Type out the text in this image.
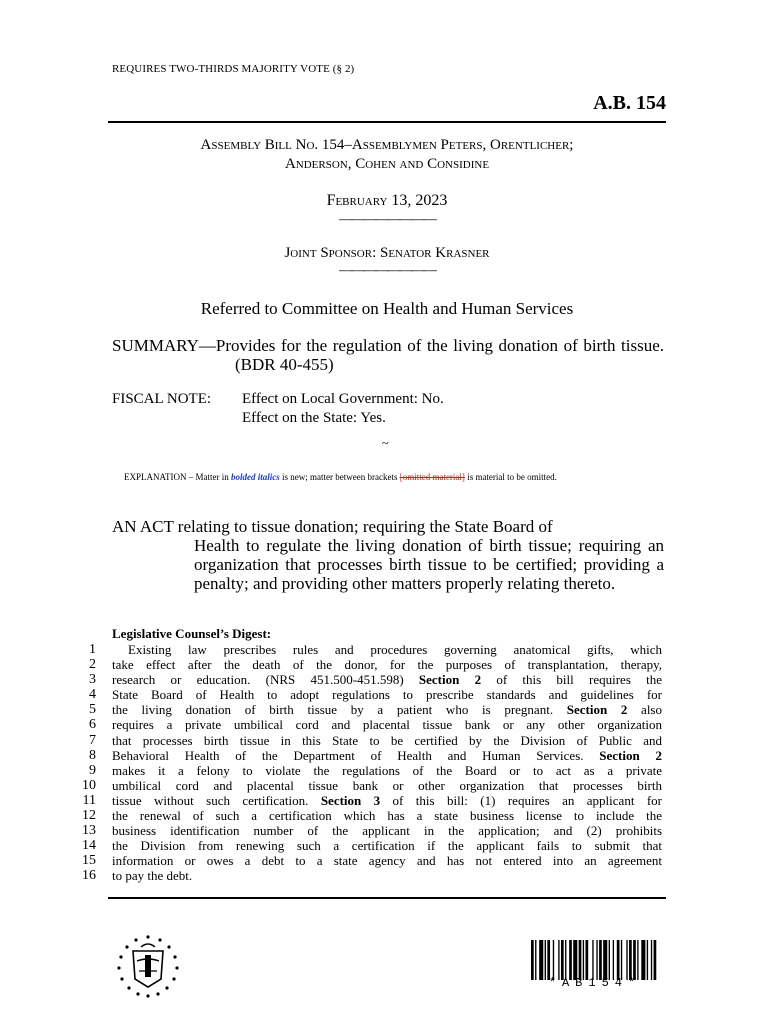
REQUIRES TWO-THIRDS MAJORITY VOTE (§ 2)
A.B. 154
Assembly Bill No. 154–Assemblymen Peters, Orentlicher;
Anderson, Cohen and Considine
February 13, 2023
————————
Joint Sponsor: Senator Krasner
————————
Referred to Committee on Health and Human Services
SUMMARY—Provides for the regulation of the living donation of birth tissue. (BDR 40-455)
FISCAL NOTE: Effect on Local Government: No.
Effect on the State: Yes.
~
EXPLANATION – Matter in bolded italics is new; matter between brackets [omitted material] is material to be omitted.
AN ACT relating to tissue donation; requiring the State Board of
Health to regulate the living donation of birth tissue; requiring an organization that processes birth tissue to be certified; providing a penalty; and providing other matters properly relating thereto.
Legislative Counsel’s Digest:
1
2
3
4
5
6
7
8
9
10
11
12
13
14
15
16
Existing law prescribes rules and procedures governing anatomical gifts, which
take effect after the death of the donor, for the purposes of transplantation, therapy,
research or education. (NRS 451.500-451.598) Section 2 of this bill requires the
State Board of Health to adopt regulations to prescribe standards and guidelines for
the living donation of birth tissue by a patient who is pregnant. Section 2 also
requires a private umbilical cord and placental tissue bank or any other organization
that processes birth tissue in this State to be certified by the Division of Public and
Behavioral Health of the Department of Health and Human Services. Section 2
makes it a felony to violate the regulations of the Board or to act as a private
umbilical cord and placental tissue bank or other organization that processes birth
tissue without such certification. Section 3 of this bill: (1) requires an applicant for
the renewal of such a certification which has a state business license to include the
business identification number of the applicant in the application; and (2) prohibits
the Division from renewing such a certification if the applicant fails to submit that
information or owes a debt to a state agency and has not entered into an agreement
to pay the debt.
*AB154*
